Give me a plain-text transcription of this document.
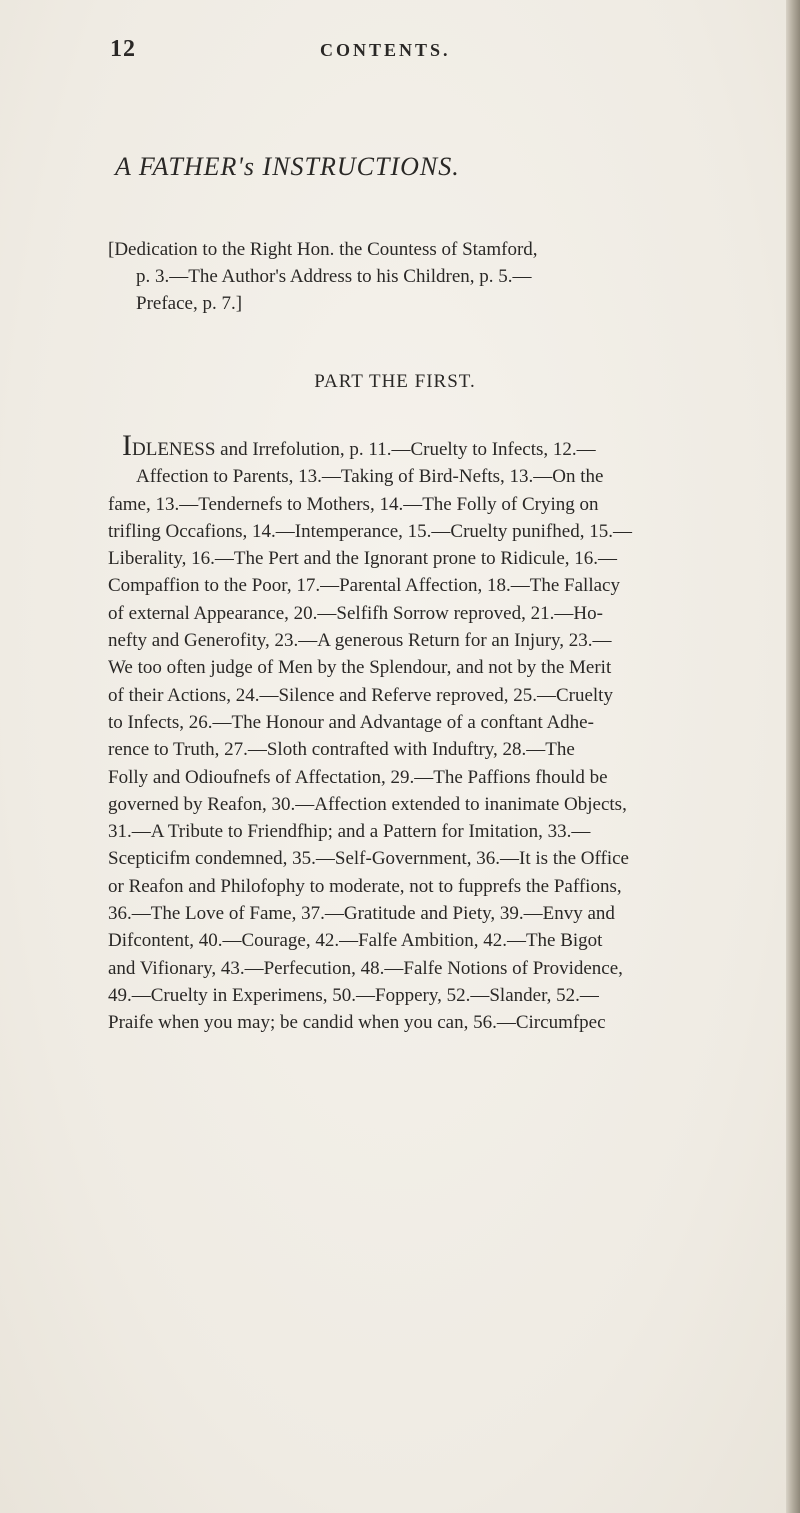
12	CONTENTS.
A FATHER's INSTRUCTIONS.
[Dedication to the Right Hon. the Countess of Stamford,
p. 3.—The Author's Address to his Children, p. 5.—
Preface, p. 7.]
PART THE FIRST.
IDLENESS and Irrefolution, p. 11.—Cruelty to Infects, 12.—
Affection to Parents, 13.—Taking of Bird-Nefts, 13.—On the
fame, 13.—Tendernefs to Mothers, 14.—The Folly of Crying on
trifling Occafions, 14.—Intemperance, 15.—Cruelty punifhed, 15.—
Liberality, 16.—The Pert and the Ignorant prone to Ridicule, 16.—
Compaffion to the Poor, 17.—Parental Affection, 18.—The Fallacy
of external Appearance, 20.—Selfifh Sorrow reproved, 21.—Ho-
nefty and Generofity, 23.—A generous Return for an Injury, 23.—
We too often judge of Men by the Splendour, and not by the Merit
of their Actions, 24.—Silence and Referve reproved, 25.—Cruelty
to Infects, 26.—The Honour and Advantage of a conftant Adhe-
rence to Truth, 27.—Sloth contrafted with Induftry, 28.—The
Folly and Odioufnefs of Affectation, 29.—The Paffions fhould be
governed by Reafon, 30.—Affection extended to inanimate Objects,
31.—A Tribute to Friendfhip; and a Pattern for Imitation, 33.—
Scepticifm condemned, 35.—Self-Government, 36.—It is the Office
or Reafon and Philofophy to moderate, not to fupprefs the Paffions,
36.—The Love of Fame, 37.—Gratitude and Piety, 39.—Envy and
Difcontent, 40.—Courage, 42.—Falfe Ambition, 42.—The Bigot
and Vifionary, 43.—Perfecution, 48.—Falfe Notions of Providence,
49.—Cruelty in Experimens, 50.—Foppery, 52.—Slander, 52.—
Praife when you may; be candid when you can, 56.—Circumfpec
